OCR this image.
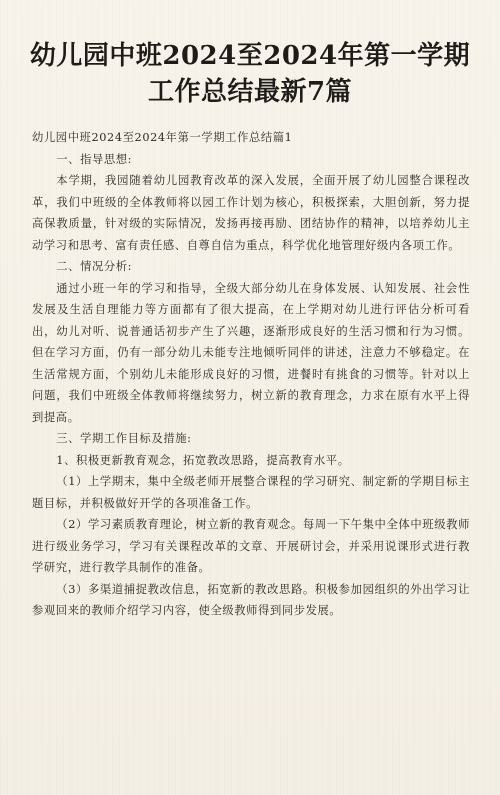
幼儿园中班2024至2024年第一学期工作总结最新7篇

幼儿园中班2024至2024年第一学期工作总结篇1

一、指导思想:

本学期，我园随着幼儿园教育改革的深入发展，全面开展了幼儿园整合课程改革，我们中班级的全体教师将以园工作计划为核心，积极探索，大胆创新，努力提高保教质量，针对级的实际情况，发扬再接再励、团结协作的精神，以培养幼儿主动学习和思考、富有责任感、自尊自信为重点，科学优化地管理好级内各项工作。

二、情况分析:

通过小班一年的学习和指导，全级大部分幼儿在身体发展、认知发展、社会性发展及生活自理能力等方面都有了很大提高，在上学期对幼儿进行评估分析可看出，幼儿对听、说普通话初步产生了兴趣，逐渐形成良好的生活习惯和行为习惯。但在学习方面，仍有一部分幼儿未能专注地倾听同伴的讲述，注意力不够稳定。在生活常规方面，个别幼儿未能形成良好的习惯，进餐时有挑食的习惯等。针对以上问题，我们中班级全体教师将继续努力，树立新的教育理念，力求在原有水平上得到提高。

三、学期工作目标及措施:

1、积极更新教育观念，拓宽教改思路，提高教育水平。

（1）上学期末，集中全级老师开展整合课程的学习研究、制定新的学期目标主题目标，并积极做好开学的各项准备工作。

（2）学习素质教育理论，树立新的教育观念。每周一下午集中全体中班级教师进行级业务学习，学习有关课程改革的文章、开展研讨会，并采用说课形式进行教学研究，进行教学具制作的准备。

（3）多渠道捕捉教改信息，拓宽新的教改思路。积极参加园组织的外出学习让参观回来的教师介绍学习内容，使全级教师得到同步发展。
